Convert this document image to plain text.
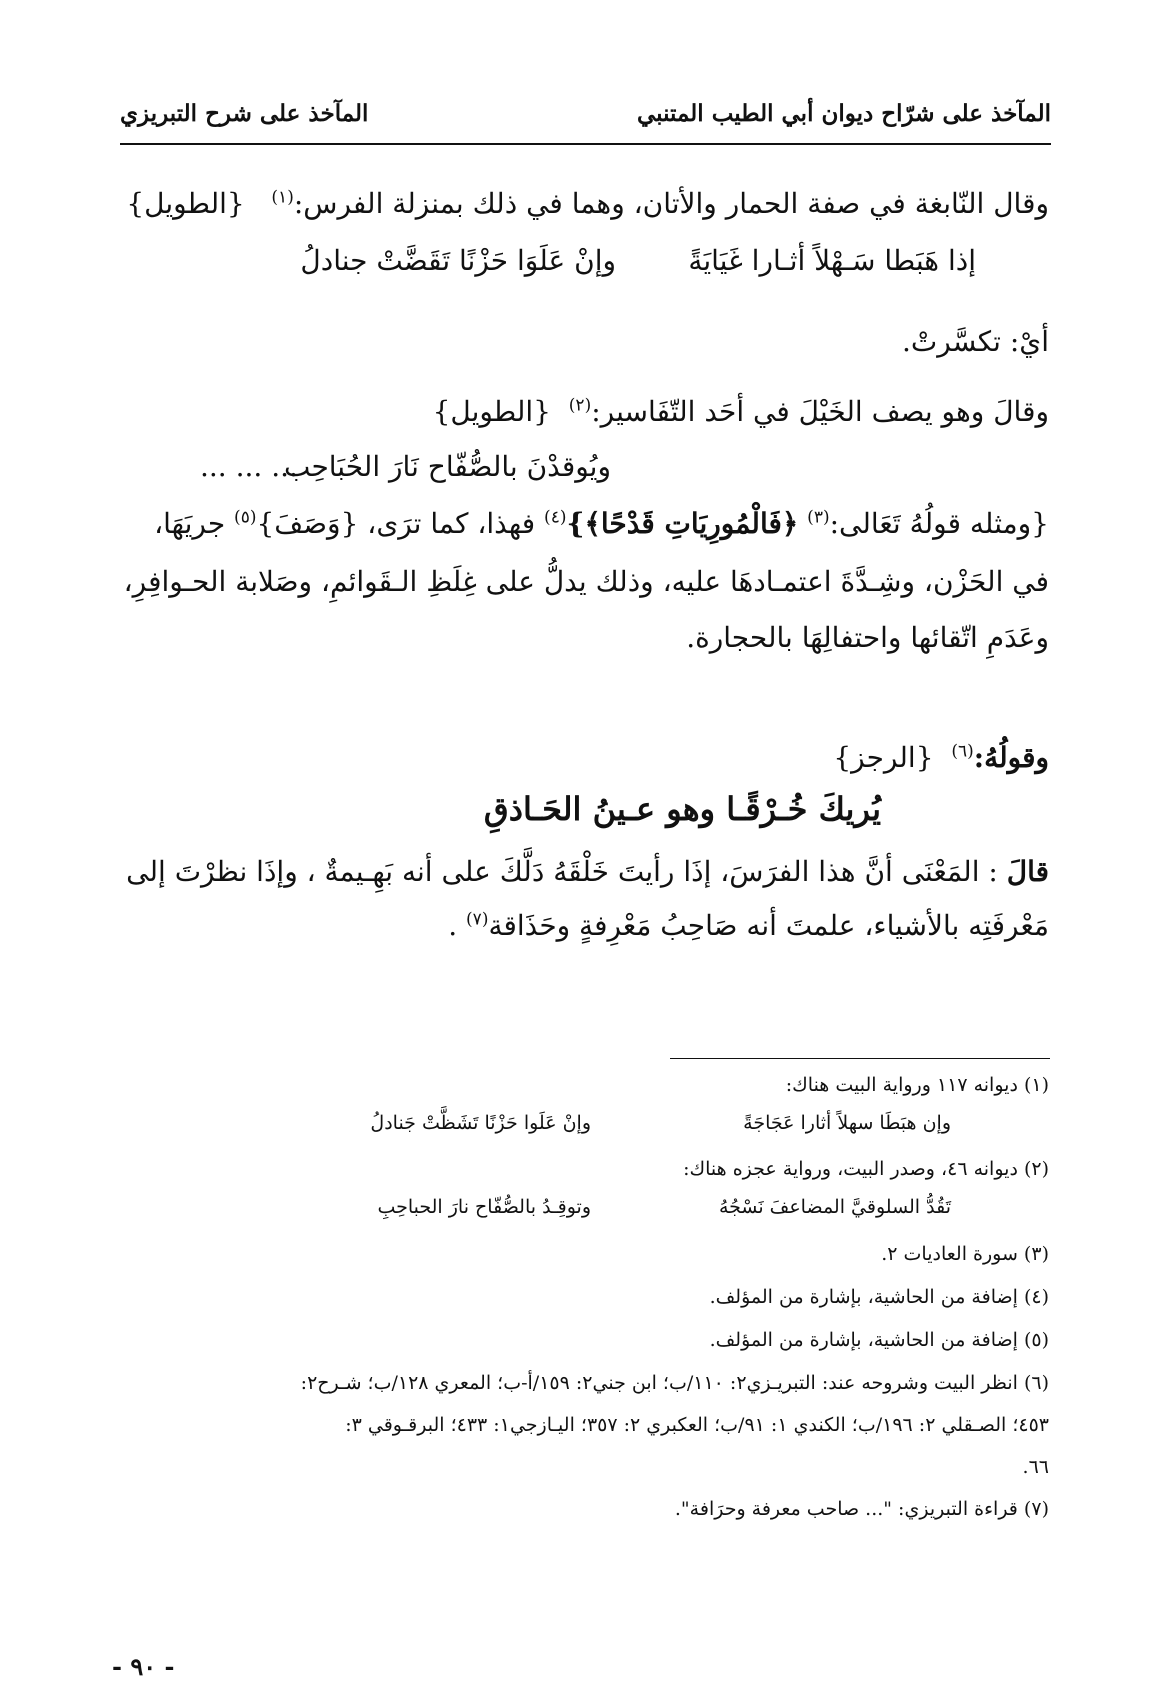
المآخذ على شرّاح ديوان أبي الطيب المتنبي
المآخذ على شرح التبريزي
وقال النّابغة في صفة الحمار والأتان، وهما في ذلك بمنزلة الفرس:$^{(١)}$   {الطويل}
إذا هَبَطا سَـهْلاً أثـارا غَيَايَةً
وإنْ عَلَوَا حَزْنًا تَقَضَّتْ جنادلُ
أيْ: تكسَّرتْ.
وقالَ وهو يصف الخَيْلَ في أحَد التّفَاسير:$^{(٢)}$  {الطويل}
... ... ...
ويُوقدْنَ بالصُّفّاح نَارَ الحُبَاحِب
{ومثله قولُهُ تَعَالى:$^{(٣)}$ ﴿فَالْمُورِيَاتِ قَدْحًا﴾}$^{(٤)}$ فهذا، كما ترَى، {وَصَفَ}$^{(٥)}$ جريَهَا،
في الحَزْن، وشِـدَّةَ اعتمـادهَا عليه، وذلك يدلُّ على غِلَظِ الـقَوائمِ، وصَلابة الحـوافِرِ،
وعَدَمِ اتّقائها واحتفالِهَا بالحجارة.
وقولُهُ:$^{(٦)}$  {الرجز}
يُريكَ خُـرْقًـا وهو عـينُ الحَـاذقِ
قالَ : المَعْنَى أنَّ هذا الفرَسَ، إذَا رأيتَ خَلْقَهُ دَلَّكَ على أنه بَهِـيمةٌ ، وإذَا نظرْتَ إلى
مَعْرفَتِه بالأشياء، علمتَ أنه صَاحِبُ مَعْرِفةٍ وحَذَاقة$^{(٧)}$ .
(١) ديوانه ١١٧ ورواية البيت هناك:
وإن هبَطَا سهلاً أثارا عَجَاجَةً
وإنْ عَلَوا حَزْنًا تَشَظَّتْ جَنادلُ
(٢) ديوانه ٤٦، وصدر البيت، ورواية عجزه هناك:
تَقُدُّ السلوقيَّ المضاعفَ نَسْجُهُ
وتوقِـدُ بالصُّفّاح نارَ الحباحِبِ
(٣) سورة العاديات ٢.
(٤) إضافة من الحاشية، بإشارة من المؤلف.
(٥) إضافة من الحاشية، بإشارة من المؤلف.
(٦) انظر البيت وشروحه عند: التبريـزي٢: ١١٠/ب؛ ابن جني٢: ١٥٩/أ-ب؛ المعري ١٢٨/ب؛ شـرح٢:
٤٥٣؛ الصـقلي ٢: ١٩٦/ب؛ الكندي ١: ٩١/ب؛ العكبري ٢: ٣٥٧؛ اليـازجي١: ٤٣٣؛ البرقـوقي ٣:
٦٦.
(٧) قراءة التبريزي: "... صاحب معرفة وحرَافة".
- ٩٠ -
